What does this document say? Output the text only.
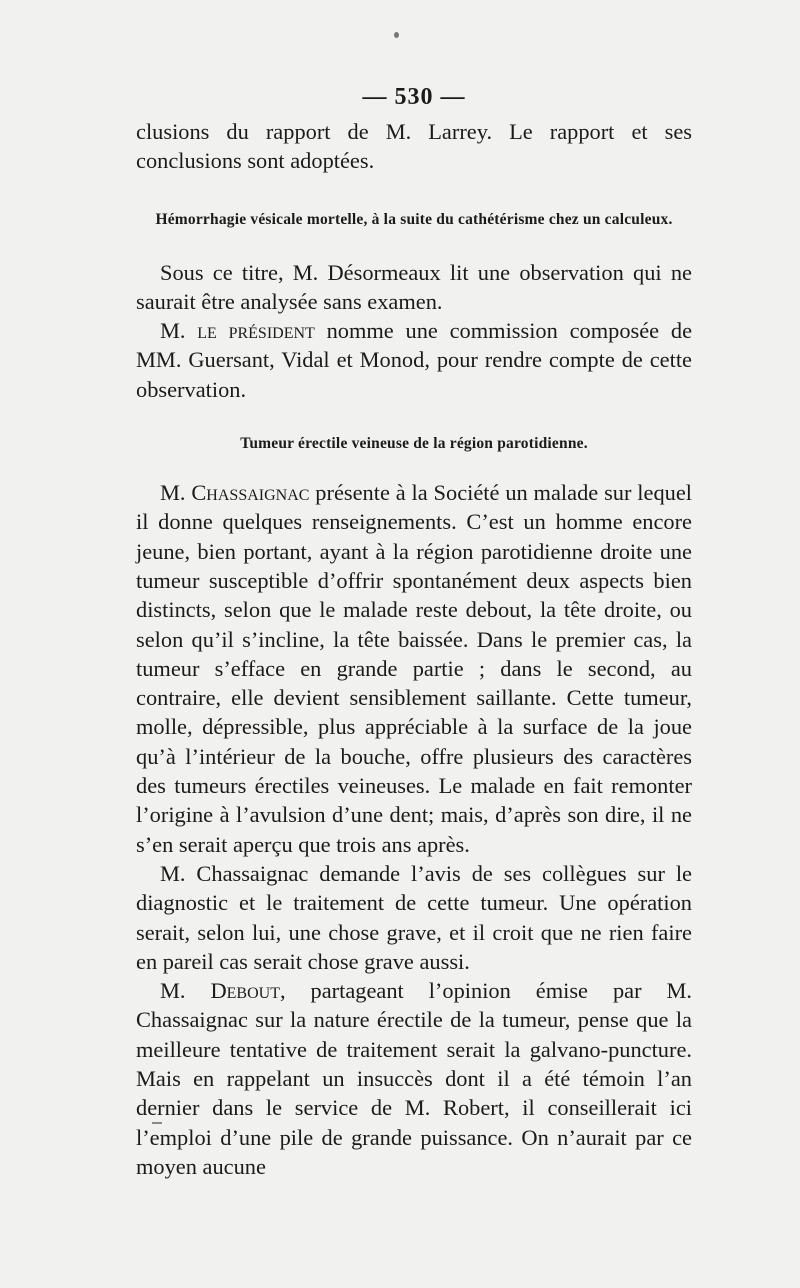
— 530 —

clusions du rapport de M. Larrey. Le rapport et ses conclusions sont adoptées.

Hémorrhagie vésicale mortelle, à la suite du cathétérisme chez un calculeux.

Sous ce titre, M. Désormeaux lit une observation qui ne saurait être analysée sans examen.

M. le président nomme une commission composée de MM. Guersant, Vidal et Monod, pour rendre compte de cette observation.

Tumeur érectile veineuse de la région parotidienne.

M. Chassaignac présente à la Société un malade sur lequel il donne quelques renseignements. C’est un homme encore jeune, bien portant, ayant à la région parotidienne droite une tumeur susceptible d’offrir spontanément deux aspects bien distincts, selon que le malade reste debout, la tête droite, ou selon qu’il s’incline, la tête baissée. Dans le premier cas, la tumeur s’efface en grande partie ; dans le second, au contraire, elle devient sensiblement saillante. Cette tumeur, molle, dépressible, plus appréciable à la surface de la joue qu’à l’intérieur de la bouche, offre plusieurs des caractères des tumeurs érectiles veineuses. Le malade en fait remonter l’origine à l’avulsion d’une dent; mais, d’après son dire, il ne s’en serait aperçu que trois ans après.

M. Chassaignac demande l’avis de ses collègues sur le diagnostic et le traitement de cette tumeur. Une opération serait, selon lui, une chose grave, et il croit que ne rien faire en pareil cas serait chose grave aussi.

M. Debout, partageant l’opinion émise par M. Chassaignac sur la nature érectile de la tumeur, pense que la meilleure tentative de traitement serait la galvano-puncture. Mais en rappelant un insuccès dont il a été témoin l’an dernier dans le service de M. Robert, il conseillerait ici l’emploi d’une pile de grande puissance. On n’aurait par ce moyen aucune
